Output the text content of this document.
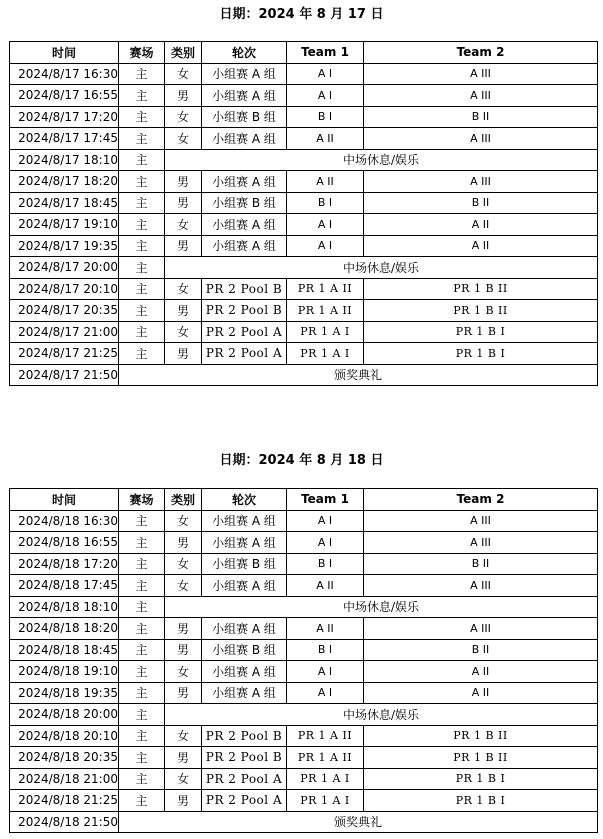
日期：2024 年 8 月 17 日
时间	赛场	类别	轮次	Team 1	Team 2
2024/8/17 16:30	主	女	小组赛 A 组	A I	A III
2024/8/17 16:55	主	男	小组赛 A 组	A I	A III
2024/8/17 17:20	主	女	小组赛 B 组	B I	B II
2024/8/17 17:45	主	女	小组赛 A 组	A II	A III
2024/8/17 18:10	主	中场休息/娱乐			
2024/8/17 18:20	主	男	小组赛 A 组	A II	A III
2024/8/17 18:45	主	男	小组赛 B 组	B I	B II
2024/8/17 19:10	主	女	小组赛 A 组	A I	A II
2024/8/17 19:35	主	男	小组赛 A 组	A I	A II
2024/8/17 20:00	主	中场休息/娱乐			
2024/8/17 20:10	主	女	PR 2 Pool B	PR 1 A II	PR 1 B II
2024/8/17 20:35	主	男	PR 2 Pool B	PR 1 A II	PR 1 B II
2024/8/17 21:00	主	女	PR 2 Pool A	PR 1 A I	PR 1 B I
2024/8/17 21:25	主	男	PR 2 Pool A	PR 1 A I	PR 1 B I
2024/8/17 21:50	颁奖典礼				
日期：2024 年 8 月 18 日
时间	赛场	类别	轮次	Team 1	Team 2
2024/8/18 16:30	主	女	小组赛 A 组	A I	A III
2024/8/18 16:55	主	男	小组赛 A 组	A I	A III
2024/8/18 17:20	主	女	小组赛 B 组	B I	B II
2024/8/18 17:45	主	女	小组赛 A 组	A II	A III
2024/8/18 18:10	主	中场休息/娱乐			
2024/8/18 18:20	主	男	小组赛 A 组	A II	A III
2024/8/18 18:45	主	男	小组赛 B 组	B I	B II
2024/8/18 19:10	主	女	小组赛 A 组	A I	A II
2024/8/18 19:35	主	男	小组赛 A 组	A I	A II
2024/8/18 20:00	主	中场休息/娱乐			
2024/8/18 20:10	主	女	PR 2 Pool B	PR 1 A II	PR 1 B II
2024/8/18 20:35	主	男	PR 2 Pool B	PR 1 A II	PR 1 B II
2024/8/18 21:00	主	女	PR 2 Pool A	PR 1 A I	PR 1 B I
2024/8/18 21:25	主	男	PR 2 Pool A	PR 1 A I	PR 1 B I
2024/8/18 21:50	颁奖典礼				
